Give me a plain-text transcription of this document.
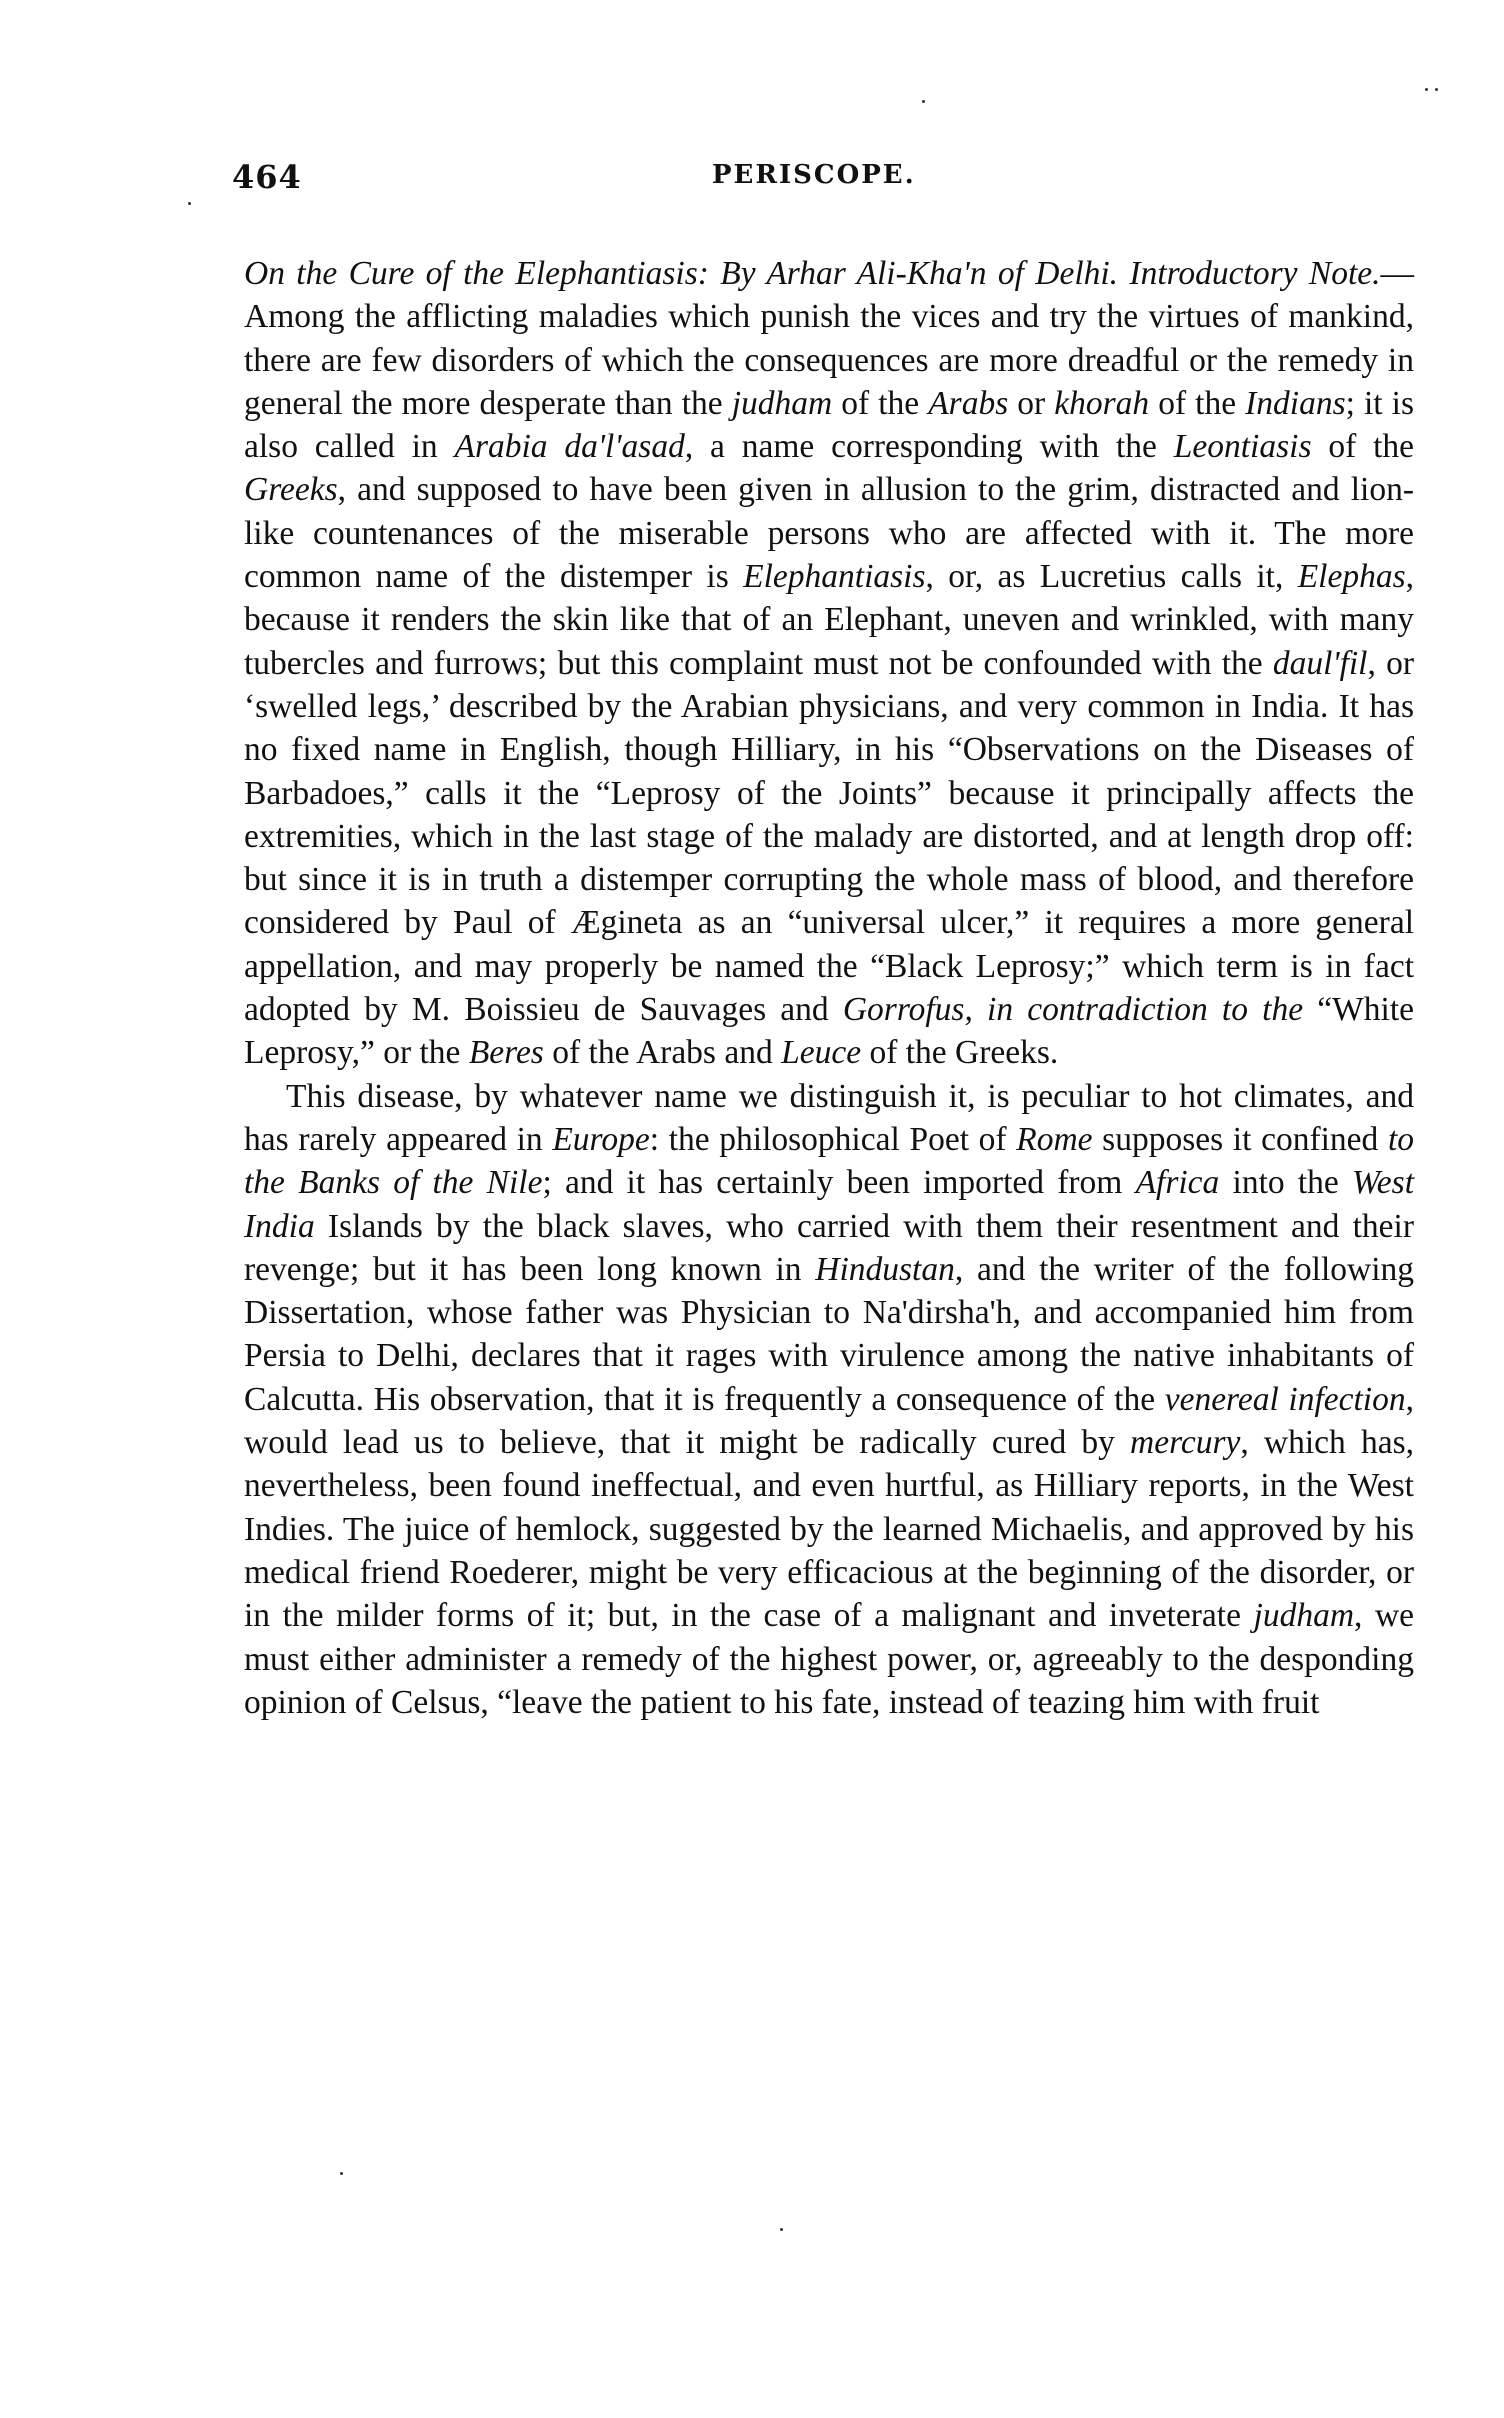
464	PERISCOPE.

On the Cure of the Elephantiasis: By Arhar Ali-Kha'n of Delhi. Introductory Note.—Among the afflicting maladies which punish the vices and try the virtues of mankind, there are few disorders of which the consequences are more dreadful or the remedy in general the more desperate than the judham of the Arabs or khorah of the Indians; it is also called in Arabia da'l'asad, a name corresponding with the Leontiasis of the Greeks, and supposed to have been given in allusion to the grim, distracted and lion-like countenances of the miserable persons who are affected with it. The more common name of the distemper is Elephantiasis, or, as Lucretius calls it, Elephas, because it renders the skin like that of an Elephant, uneven and wrinkled, with many tubercles and furrows; but this complaint must not be confounded with the daul'fil, or ‘swelled legs,’ described by the Arabian physicians, and very common in India. It has no fixed name in English, though Hilliary, in his “Observations on the Diseases of Barbadoes,” calls it the “Leprosy of the Joints” because it principally affects the extremities, which in the last stage of the malady are distorted, and at length drop off: but since it is in truth a distemper corrupting the whole mass of blood, and therefore considered by Paul of Ægineta as an “universal ulcer,” it requires a more general appellation, and may properly be named the “Black Leprosy;” which term is in fact adopted by M. Boissieu de Sauvages and Gorrofus, in contradiction to the “White Leprosy,” or the Beres of the Arabs and Leuce of the Greeks.

This disease, by whatever name we distinguish it, is peculiar to hot climates, and has rarely appeared in Europe: the philosophical Poet of Rome supposes it confined to the Banks of the Nile; and it has certainly been imported from Africa into the West India Islands by the black slaves, who carried with them their resentment and their revenge; but it has been long known in Hindustan, and the writer of the following Dissertation, whose father was Physician to Na'dirsha'h, and accompanied him from Persia to Delhi, declares that it rages with virulence among the native inhabitants of Calcutta. His observation, that it is frequently a consequence of the venereal infection, would lead us to believe, that it might be radically cured by mercury, which has, nevertheless, been found ineffectual, and even hurtful, as Hilliary reports, in the West Indies. The juice of hemlock, suggested by the learned Michaelis, and approved by his medical friend Roederer, might be very efficacious at the beginning of the disorder, or in the milder forms of it; but, in the case of a malignant and inveterate judham, we must either administer a remedy of the highest power, or, agreeably to the desponding opinion of Celsus, “leave the patient to his fate, instead of teazing him with fruit
